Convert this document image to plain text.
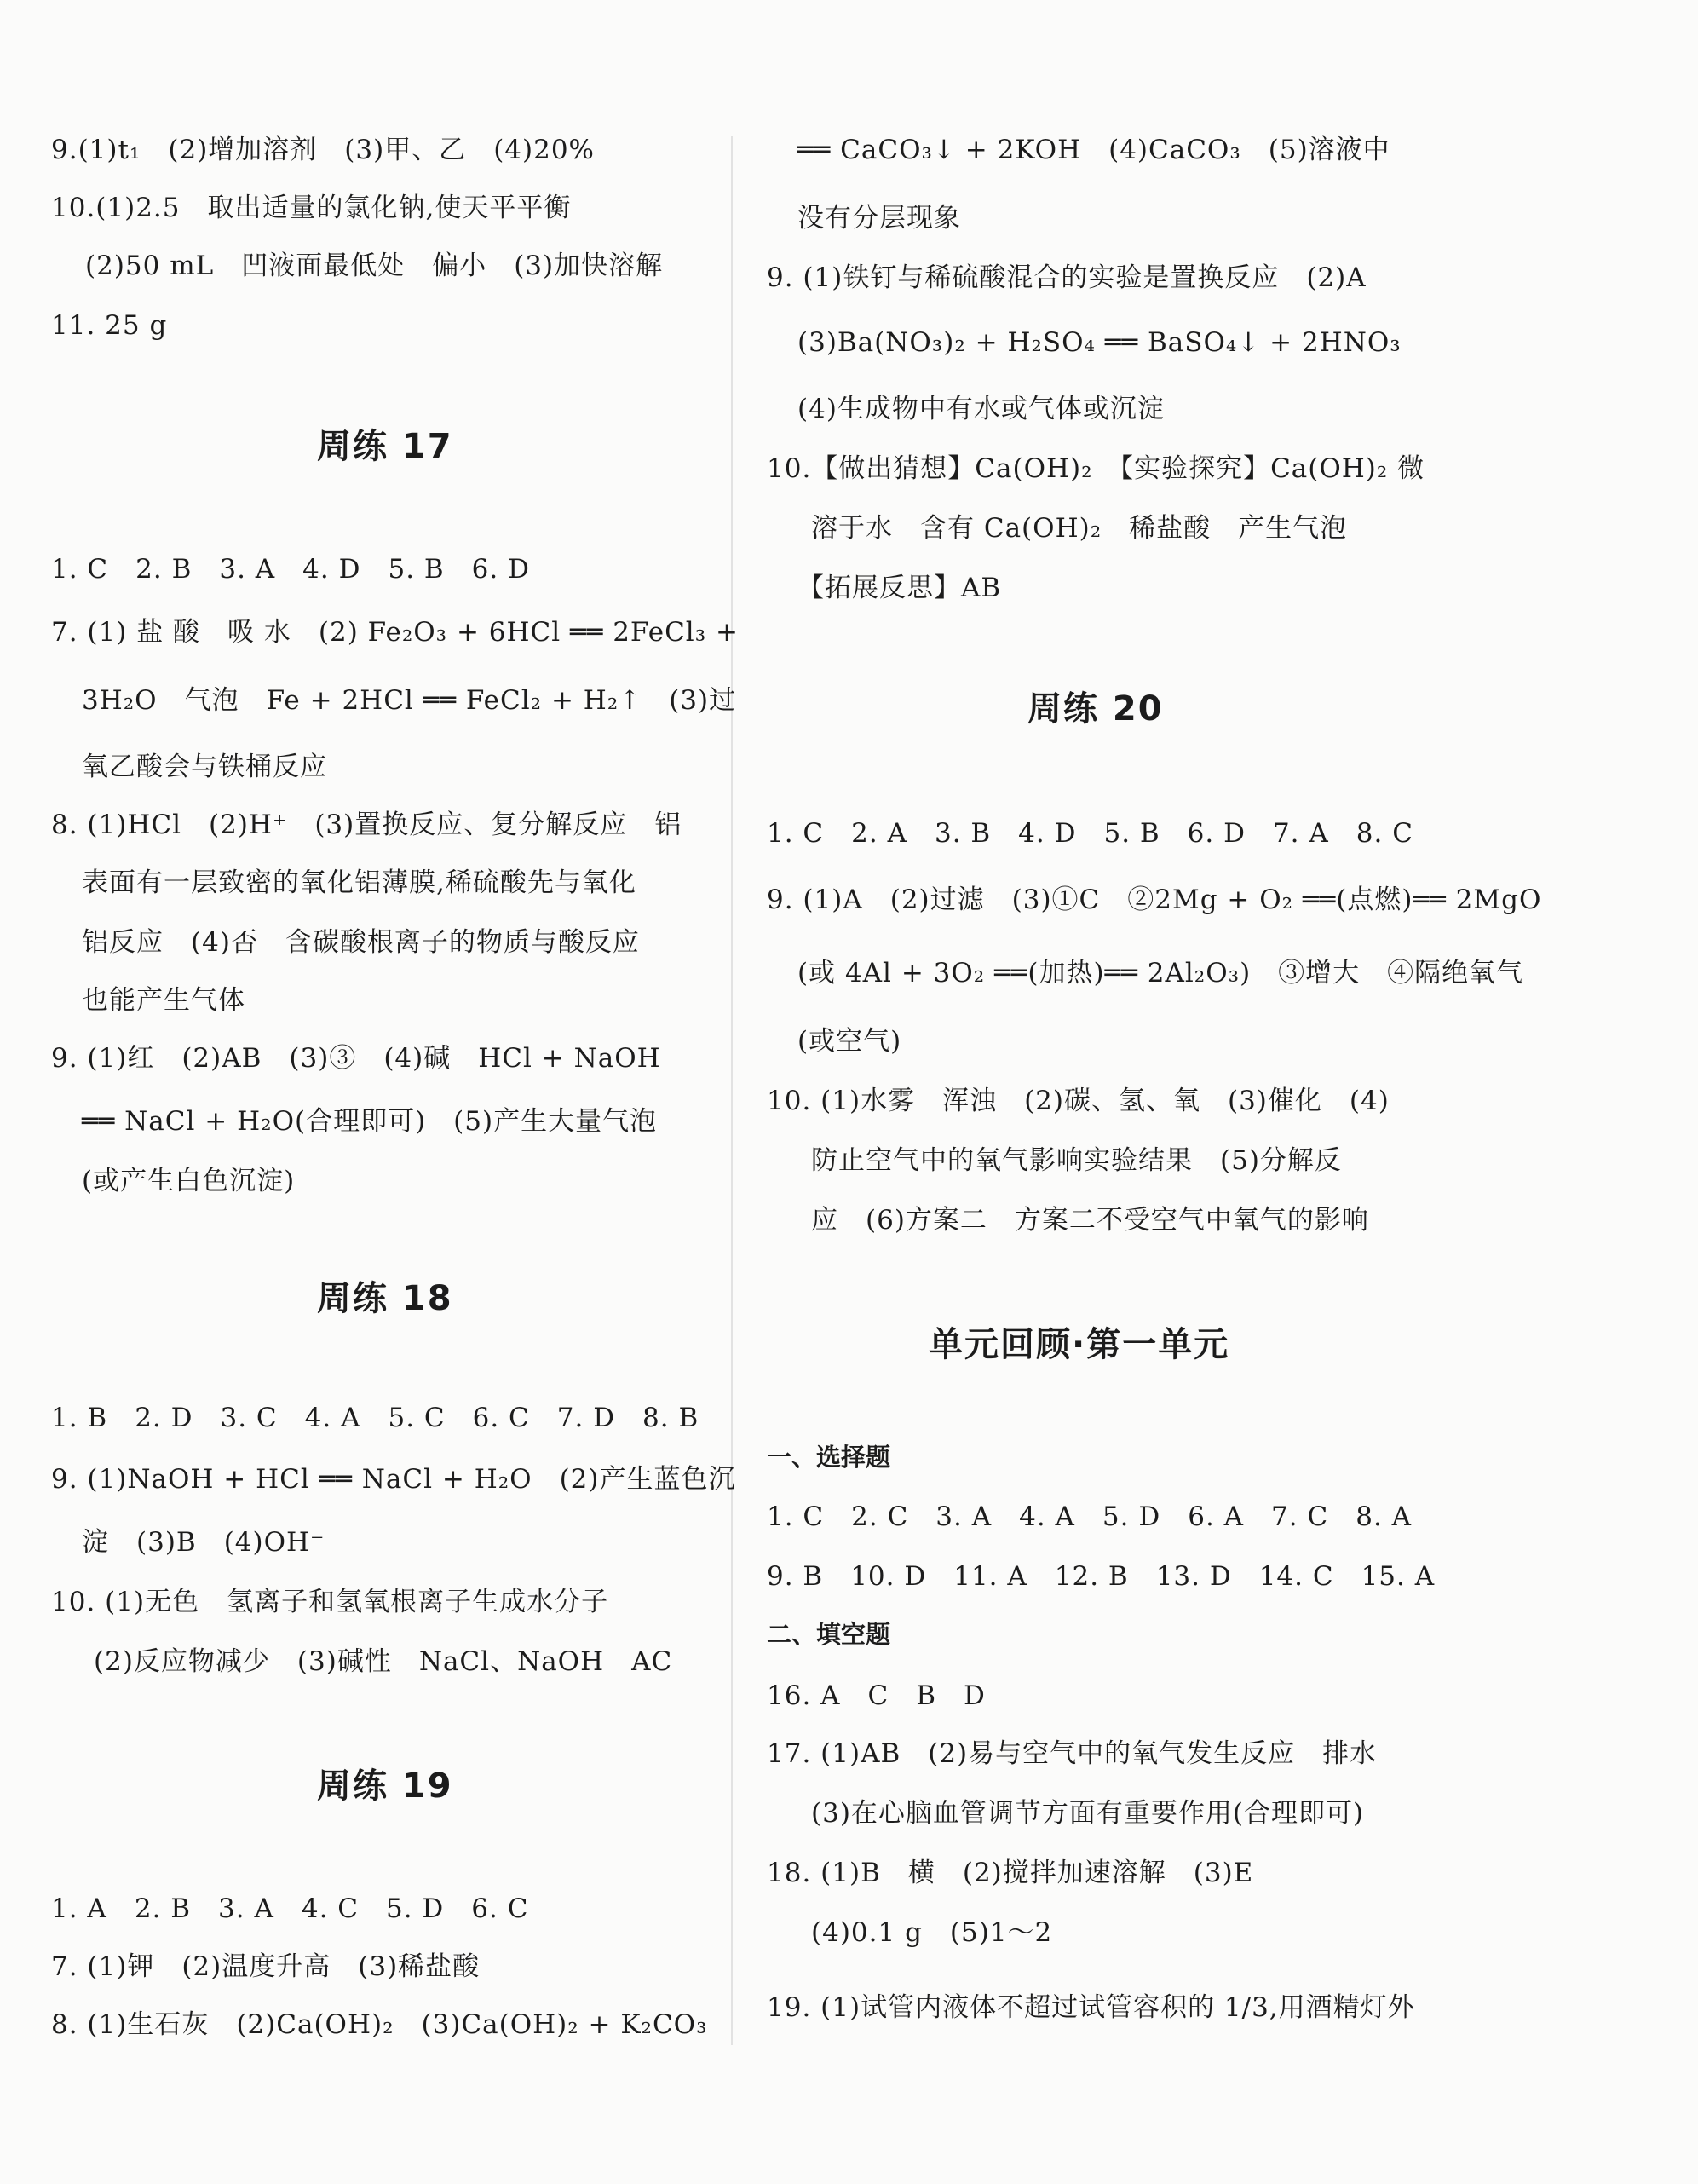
9.(1)t₁　(2)增加溶剂　(3)甲、乙　(4)20%
10.(1)2.5　取出适量的氯化钠,使天平平衡
(2)50 mL　凹液面最低处　偏小　(3)加快溶解
11. 25 g
周练 17
1. C　2. B　3. A　4. D　5. B　6. D
7. (1) 盐 酸　吸 水　(2) Fe₂O₃ + 6HCl ══ 2FeCl₃ +
3H₂O　气泡　Fe + 2HCl ══ FeCl₂ + H₂↑　(3)过
氧乙酸会与铁桶反应
8. (1)HCl　(2)H⁺　(3)置换反应、复分解反应　铝
表面有一层致密的氧化铝薄膜,稀硫酸先与氧化
铝反应　(4)否　含碳酸根离子的物质与酸反应
也能产生气体
9. (1)红　(2)AB　(3)③　(4)碱　HCl + NaOH
══ NaCl + H₂O(合理即可)　(5)产生大量气泡
(或产生白色沉淀)
周练 18
1. B　2. D　3. C　4. A　5. C　6. C　7. D　8. B
9. (1)NaOH + HCl ══ NaCl + H₂O　(2)产生蓝色沉
淀　(3)B　(4)OH⁻
10. (1)无色　氢离子和氢氧根离子生成水分子
(2)反应物减少　(3)碱性　NaCl、NaOH　AC
周练 19
1. A　2. B　3. A　4. C　5. D　6. C
7. (1)钾　(2)温度升高　(3)稀盐酸
8. (1)生石灰　(2)Ca(OH)₂　(3)Ca(OH)₂ + K₂CO₃
══ CaCO₃↓ + 2KOH　(4)CaCO₃　(5)溶液中
没有分层现象
9. (1)铁钉与稀硫酸混合的实验是置换反应　(2)A
(3)Ba(NO₃)₂ + H₂SO₄ ══ BaSO₄↓ + 2HNO₃
(4)生成物中有水或气体或沉淀
10.【做出猜想】Ca(OH)₂　【实验探究】Ca(OH)₂ 微
溶于水　含有 Ca(OH)₂　稀盐酸　产生气泡
【拓展反思】AB
周练 20
1. C　2. A　3. B　4. D　5. B　6. D　7. A　8. C
9. (1)A　(2)过滤　(3)①C　②2Mg + O₂ ══(点燃)══ 2MgO
(或 4Al + 3O₂ ══(加热)══ 2Al₂O₃)　③增大　④隔绝氧气
(或空气)
10. (1)水雾　浑浊　(2)碳、氢、氧　(3)催化　(4)
防止空气中的氧气影响实验结果　(5)分解反
应　(6)方案二　方案二不受空气中氧气的影响
单元回顾·第一单元
一、选择题
1. C　2. C　3. A　4. A　5. D　6. A　7. C　8. A
9. B　10. D　11. A　12. B　13. D　14. C　15. A
二、填空题
16. A　C　B　D
17. (1)AB　(2)易与空气中的氧气发生反应　排水
(3)在心脑血管调节方面有重要作用(合理即可)
18. (1)B　横　(2)搅拌加速溶解　(3)E
(4)0.1 g　(5)1～2
19. (1)试管内液体不超过试管容积的 1/3,用酒精灯外
